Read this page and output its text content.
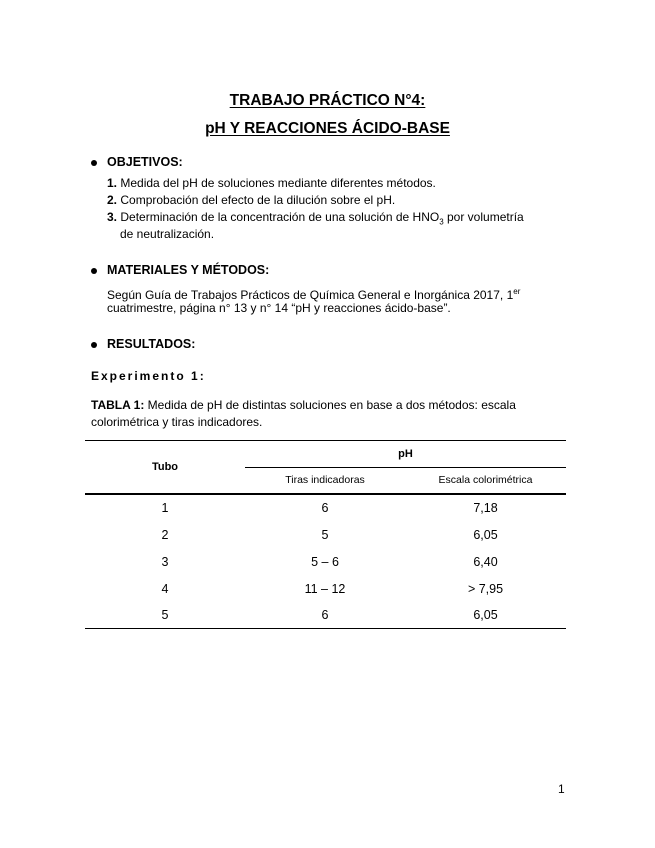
TRABAJO PRÁCTICO N°4:
pH Y REACCIONES ÁCIDO-BASE
OBJETIVOS:
1. Medida del pH de soluciones mediante diferentes métodos.
2. Comprobación del efecto de la dilución sobre el pH.
3. Determinación de la concentración de una solución de $HNO_3$ por volumetría
de neutralización.
MATERIALES Y MÉTODOS:
Según Guía de Trabajos Prácticos de Química General e Inorgánica 2017, 1er
cuatrimestre, página n° 13 y n° 14 “pH y reacciones ácido-base”.
RESULTADOS:
Experimento 1:
TABLA 1: Medida de pH de distintas soluciones en base a dos métodos: escala
colorimétrica y tiras indicadores.
Tubo
pH
Tiras indicadoras	Escala colorimétrica
1	6	7,18
2	5	6,05
3	5 – 6	6,40
4	11 – 12	> 7,95
5	6	6,05
1
